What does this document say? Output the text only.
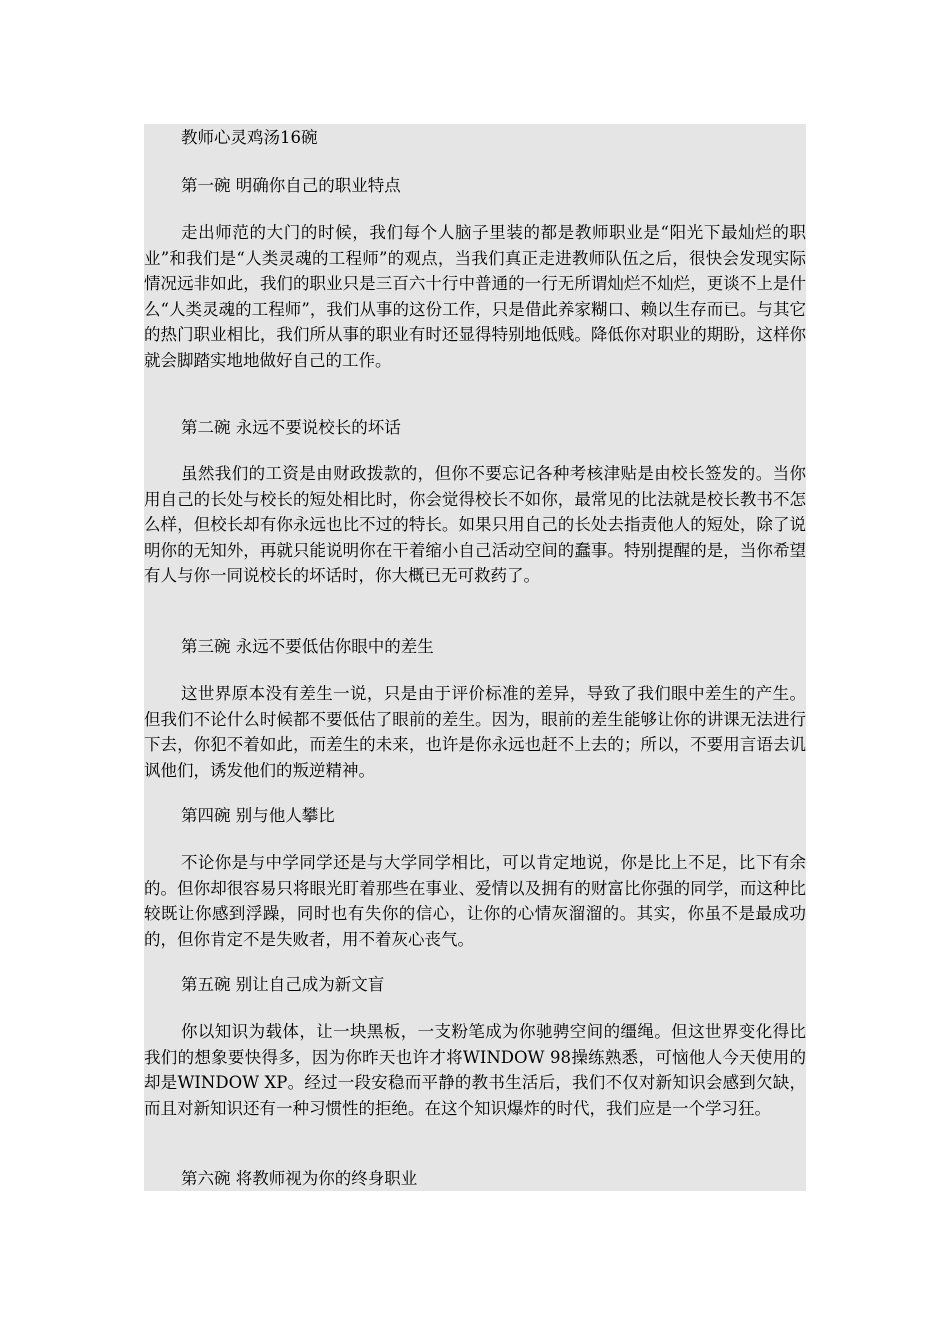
教师心灵鸡汤16碗
第一碗 明确你自己的职业特点

走出师范的大门的时候，我们每个人脑子里装的都是教师职业是“阳光下最灿烂的职业”和我们是“人类灵魂的工程师”的观点，当我们真正走进教师队伍之后，很快会发现实际情况远非如此，我们的职业只是三百六十行中普通的一行无所谓灿烂不灿烂，更谈不上是什么“人类灵魂的工程师”，我们从事的这份工作，只是借此养家糊口、赖以生存而已。与其它的热门职业相比，我们所从事的职业有时还显得特别地低贱。降低你对职业的期盼，这样你就会脚踏实地地做好自己的工作。

第二碗 永远不要说校长的坏话

虽然我们的工资是由财政拨款的，但你不要忘记各种考核津贴是由校长签发的。当你用自己的长处与校长的短处相比时，你会觉得校长不如你，最常见的比法就是校长教书不怎么样，但校长却有你永远也比不过的特长。如果只用自己的长处去指责他人的短处，除了说明你的无知外，再就只能说明你在干着缩小自己活动空间的蠢事。特别提醒的是，当你希望有人与你一同说校长的坏话时，你大概已无可救药了。

第三碗 永远不要低估你眼中的差生

这世界原本没有差生一说，只是由于评价标准的差异，导致了我们眼中差生的产生。但我们不论什么时候都不要低估了眼前的差生。因为，眼前的差生能够让你的讲课无法进行下去，你犯不着如此，而差生的未来，也许是你永远也赶不上去的；所以，不要用言语去讥讽他们，诱发他们的叛逆精神。

第四碗 别与他人攀比

不论你是与中学同学还是与大学同学相比，可以肯定地说，你是比上不足，比下有余的。但你却很容易只将眼光盯着那些在事业、爱情以及拥有的财富比你强的同学，而这种比较既让你感到浮躁，同时也有失你的信心，让你的心情灰溜溜的。其实，你虽不是最成功的，但你肯定不是失败者，用不着灰心丧气。

第五碗 别让自己成为新文盲

你以知识为载体，让一块黑板，一支粉笔成为你驰骋空间的缰绳。但这世界变化得比我们的想象要快得多，因为你昨天也许才将WINDOW 98操练熟悉，可恼他人今天使用的却是WINDOW XP。经过一段安稳而平静的教书生活后，我们不仅对新知识会感到欠缺，而且对新知识还有一种习惯性的拒绝。在这个知识爆炸的时代，我们应是一个学习狂。

第六碗 将教师视为你的终身职业
